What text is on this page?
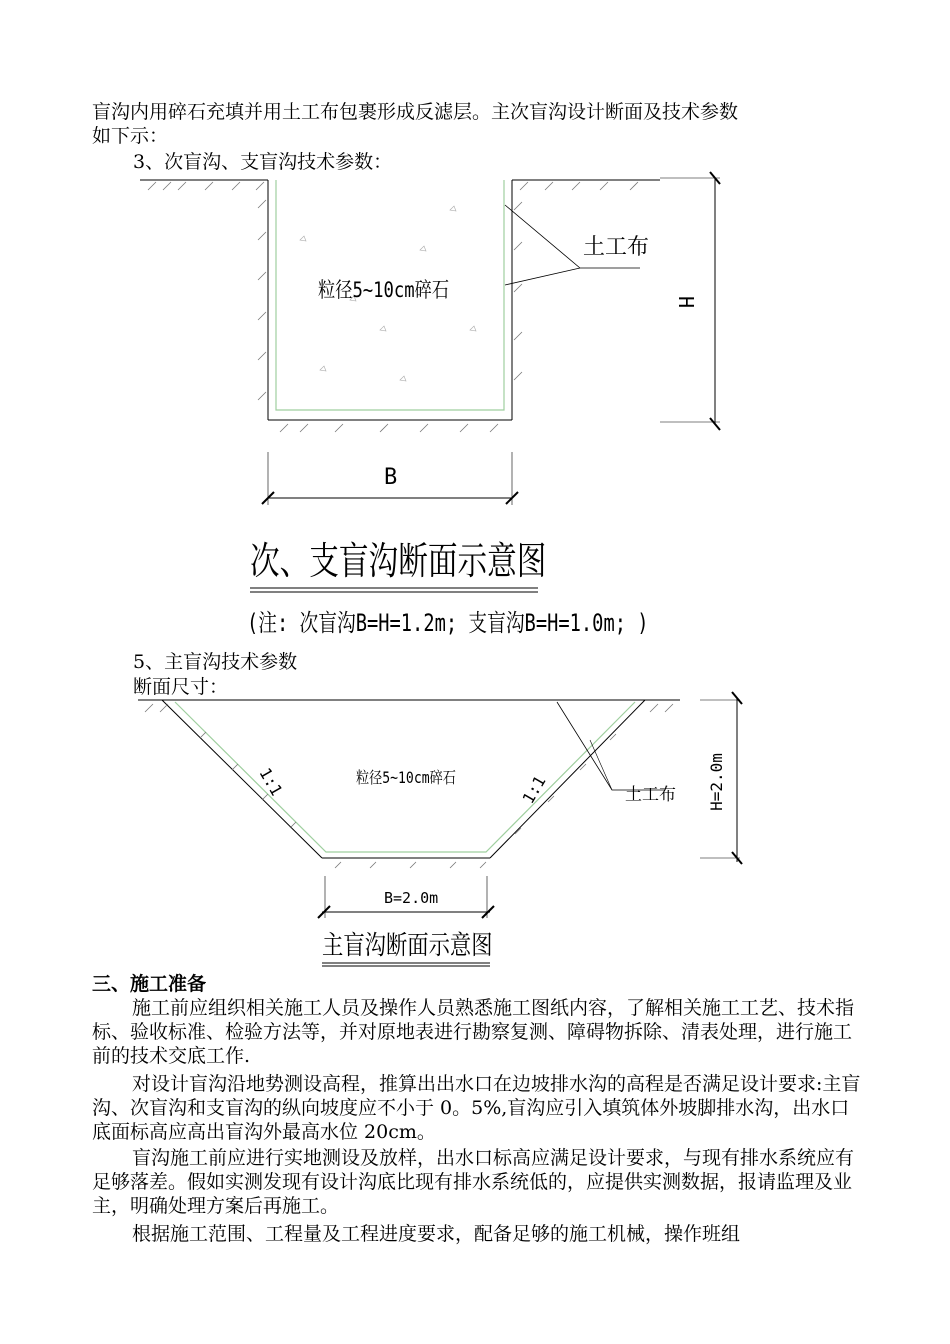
盲沟内用碎石充填并用土工布包裹形成反滤层。主次盲沟设计断面及技术参数
如下示：
3、次盲沟、支盲沟技术参数：
粒径5~10cm碎石
土工布
H
B
次、支盲沟断面示意图
(注: 次盲沟B=H=1.2m; 支盲沟B=H=1.0m; )
5、主盲沟技术参数
断面尺寸：
粒径5~10cm碎石
土工布
1:1	1:1	H=2.0m
B=2.0m
主盲沟断面示意图
三、施工准备

施工前应组织相关施工人员及操作人员熟悉施工图纸内容，了解相关施工工艺、技术指标、验收标准、检验方法等，并对原地表进行勘察复测、障碍物拆除、清表处理，进行施工前的技术交底工作.

对设计盲沟沿地势测设高程，推算出出水口在边坡排水沟的高程是否满足设计要求:主盲沟、次盲沟和支盲沟的纵向坡度应不小于 0。5%,盲沟应引入填筑体外坡脚排水沟，出水口底面标高应高出盲沟外最高水位 20cm。

盲沟施工前应进行实地测设及放样，出水口标高应满足设计要求，与现有排水系统应有足够落差。假如实测发现有设计沟底比现有排水系统低的，应提供实测数据，报请监理及业主，明确处理方案后再施工。

根据施工范围、工程量及工程进度要求，配备足够的施工机械，操作班组
